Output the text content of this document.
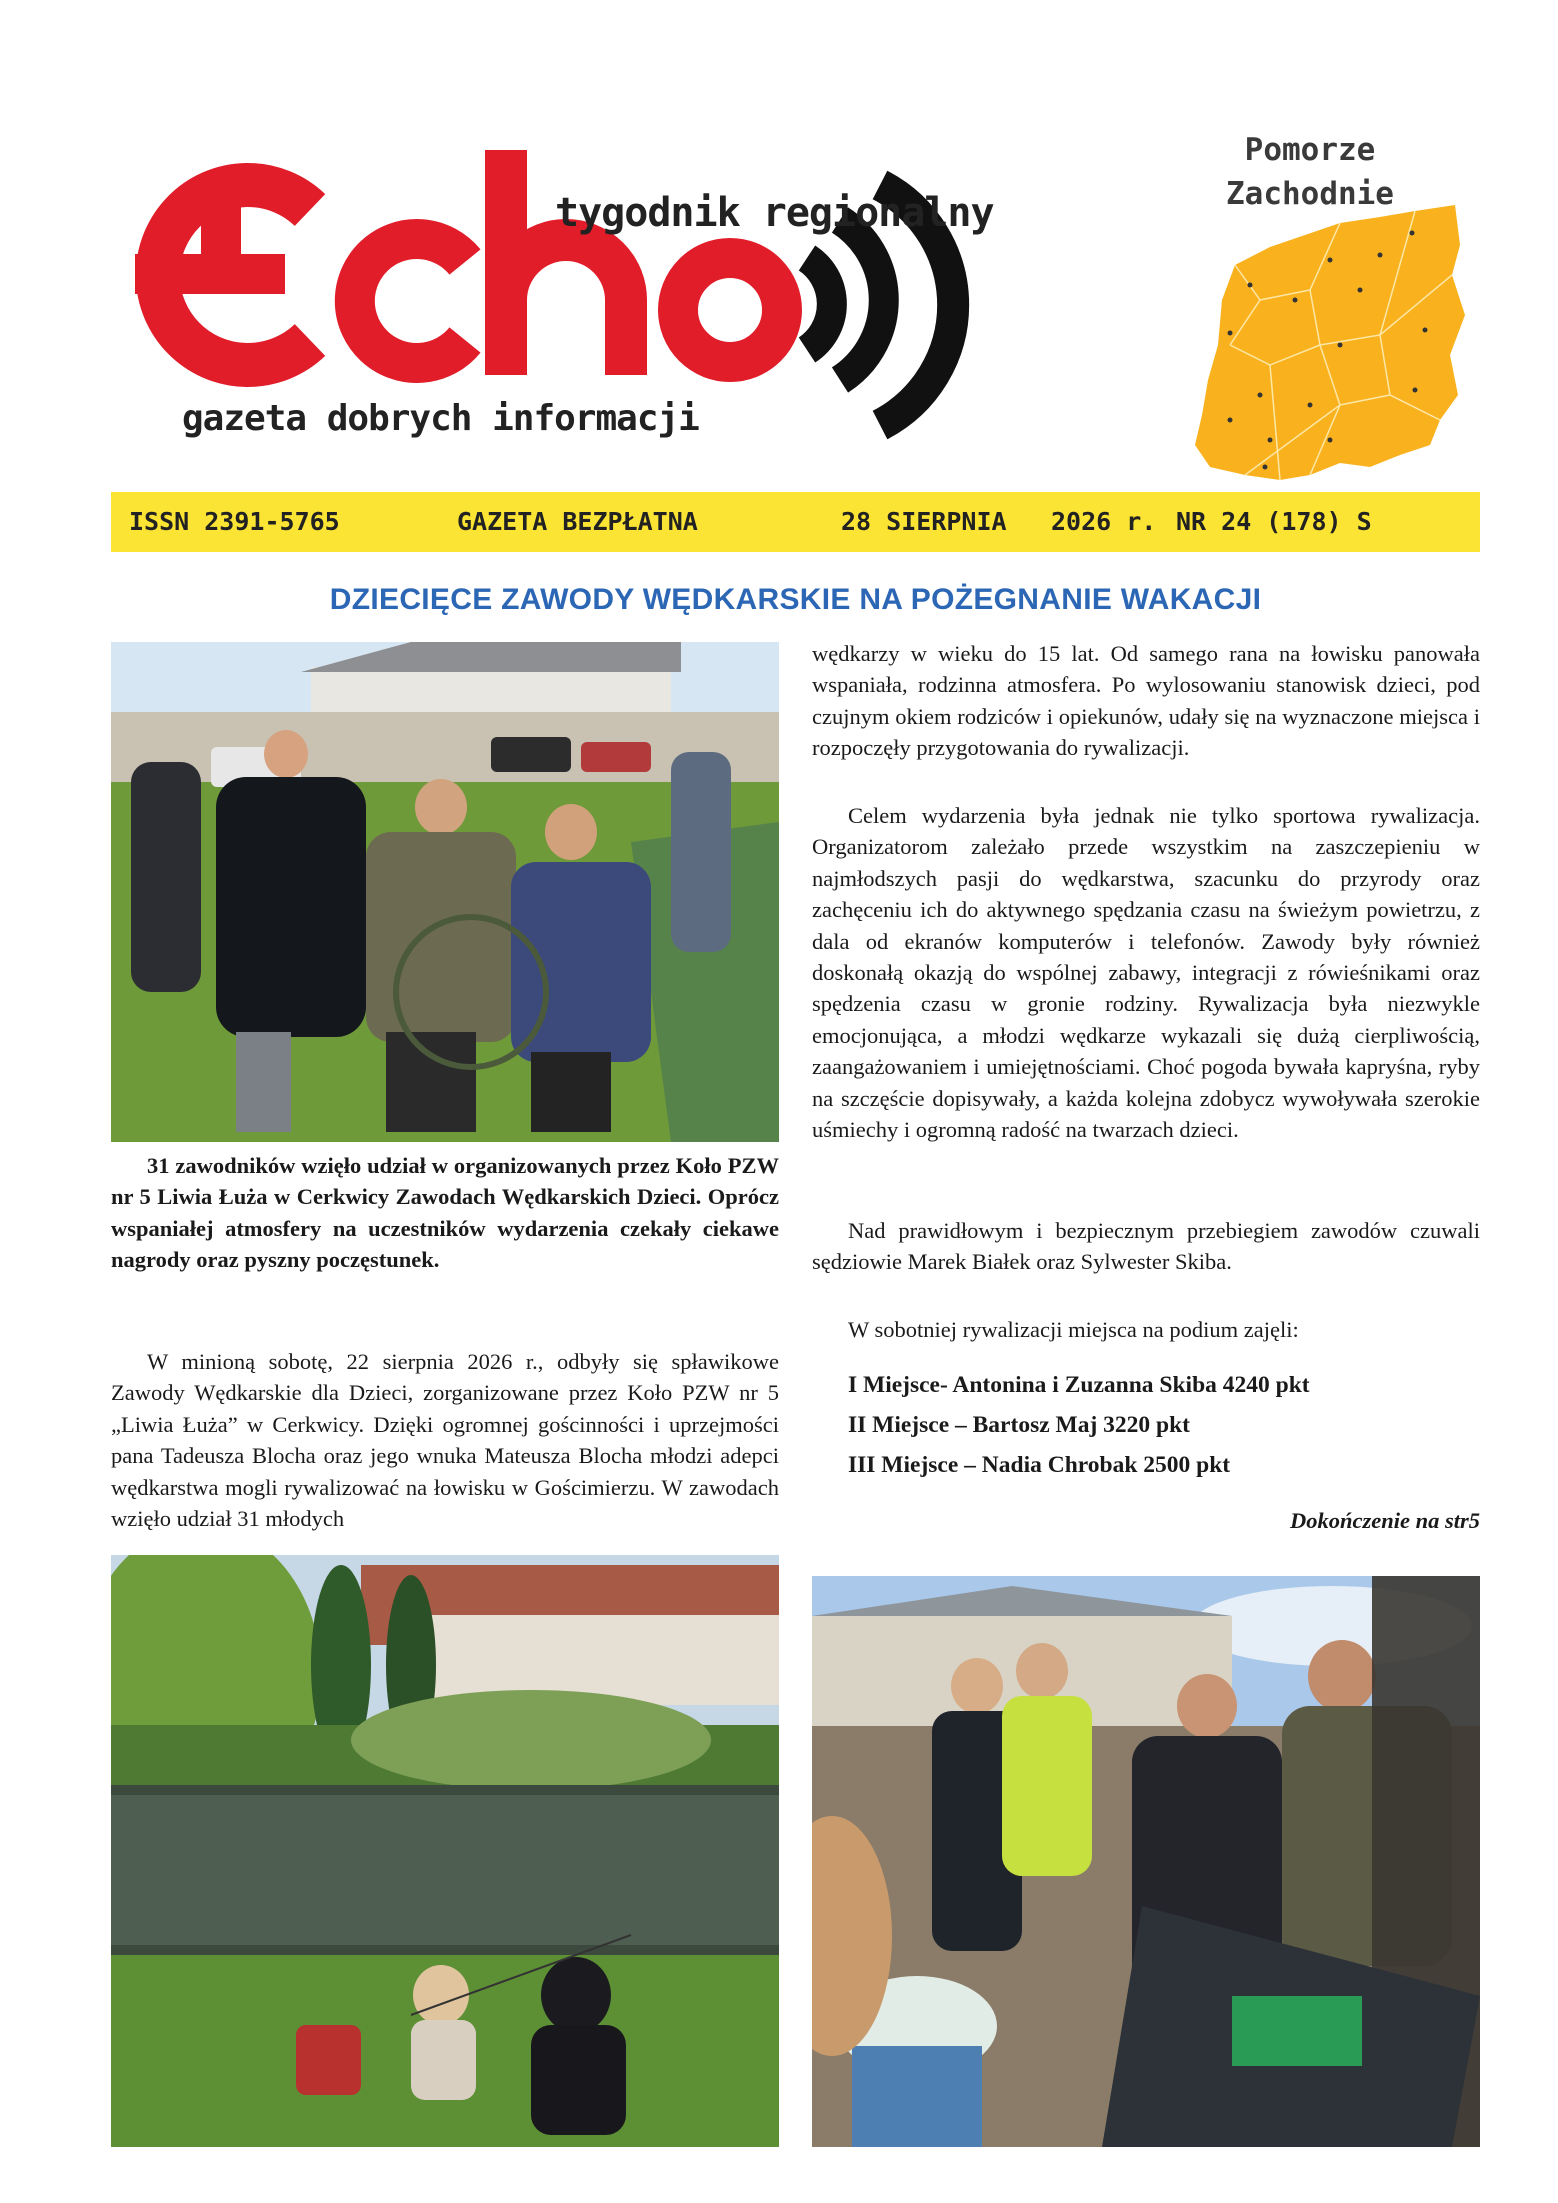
tygodnik regionalny
gazeta dobrych informacji
Pomorze
Zachodnie
ISSN 2391-5765	GAZETA BEZPŁATNA	28 SIERPNIA 2026 r. NR 24 (178) S
DZIECIĘCE ZAWODY WĘDKARSKIE NA POŻEGNANIE WAKACJI
31 zawodników wzięło udział w organizowanych przez Koło PZW nr 5 Liwia Łuża w Cerkwicy Zawodach Wędkarskich Dzieci. Oprócz wspaniałej atmosfery na uczestników wydarzenia czekały ciekawe nagrody oraz pyszny poczęstunek.
W minioną sobotę, 22 sierpnia 2026 r., odbyły się spławikowe Zawody Wędkarskie dla Dzieci, zorganizowane przez Koło PZW nr 5 „Liwia Łuża” w Cerkwicy. Dzięki ogromnej gościnności i uprzejmości pana Tadeusza Blocha oraz jego wnuka Mateusza Blocha młodzi adepci wędkarstwa mogli rywalizować na łowisku w Gościmierzu. W zawodach wzięło udział 31 młodych
wędkarzy w wieku do 15 lat. Od samego rana na łowisku panowała wspaniała, rodzinna atmosfera. Po wylosowaniu stanowisk dzieci, pod czujnym okiem rodziców i opiekunów, udały się na wyznaczone miejsca i rozpoczęły przygotowania do rywalizacji.
Celem wydarzenia była jednak nie tylko sportowa rywalizacja. Organizatorom zależało przede wszystkim na zaszczepieniu w najmłodszych pasji do wędkarstwa, szacunku do przyrody oraz zachęceniu ich do aktywnego spędzania czasu na świeżym powietrzu, z dala od ekranów komputerów i telefonów. Zawody były również doskonałą okazją do wspólnej zabawy, integracji z rówieśnikami oraz spędzenia czasu w gronie rodziny. Rywalizacja była niezwykle emocjonująca, a młodzi wędkarze wykazali się dużą cierpliwością, zaangażowaniem i umiejętnościami. Choć pogoda bywała kapryśna, ryby na szczęście dopisywały, a każda kolejna zdobycz wywoływała szerokie uśmiechy i ogromną radość na twarzach dzieci.
Nad prawidłowym i bezpiecznym przebiegiem zawodów czuwali sędziowie Marek Białek oraz Sylwester Skiba.
W sobotniej rywalizacji miejsca na podium zajęli:
I Miejsce- Antonina i Zuzanna Skiba 4240 pkt
II Miejsce – Bartosz Maj 3220 pkt
III Miejsce – Nadia Chrobak 2500 pkt
Dokończenie na str5
